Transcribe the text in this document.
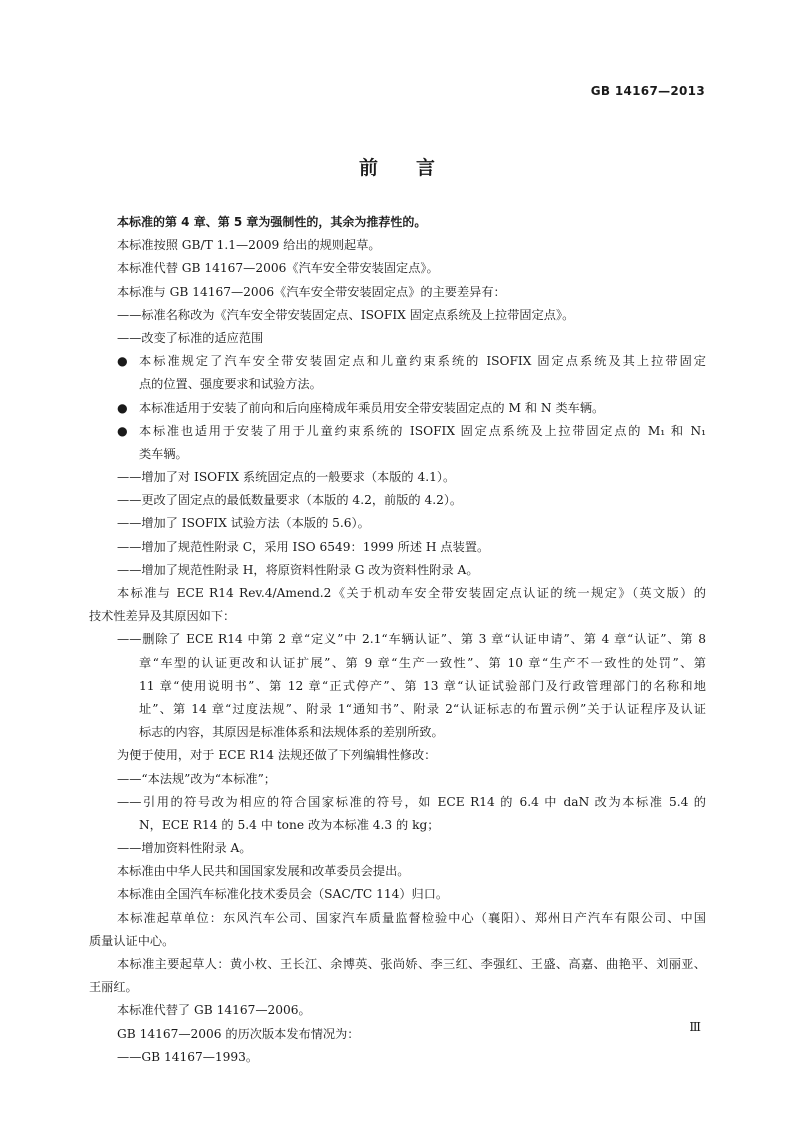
GB 14167—2013
前　　言
本标准的第 4 章、第 5 章为强制性的，其余为推荐性的。
本标准按照 GB/T 1.1—2009 给出的规则起草。
本标准代替 GB 14167—2006《汽车安全带安装固定点》。
本标准与 GB 14167—2006《汽车安全带安装固定点》的主要差异有：
——标准名称改为《汽车安全带安装固定点、ISOFIX 固定点系统及上拉带固定点》。
——改变了标准的适应范围
● 本标准规定了汽车安全带安装固定点和儿童约束系统的 ISOFIX 固定点系统及其上拉带固定
点的位置、强度要求和试验方法。
● 本标准适用于安装了前向和后向座椅成年乘员用安全带安装固定点的 M 和 N 类车辆。
● 本标准也适用于安装了用于儿童约束系统的 ISOFIX 固定点系统及上拉带固定点的 M₁ 和 N₁
类车辆。
——增加了对 ISOFIX 系统固定点的一般要求（本版的 4.1）。
——更改了固定点的最低数量要求（本版的 4.2，前版的 4.2）。
——增加了 ISOFIX 试验方法（本版的 5.6）。
——增加了规范性附录 C，采用 ISO 6549：1999 所述 H 点装置。
——增加了规范性附录 H，将原资料性附录 G 改为资料性附录 A。
本标准与 ECE R14 Rev.4/Amend.2《关于机动车安全带安装固定点认证的统一规定》（英文版）的
技术性差异及其原因如下：
——删除了 ECE R14 中第 2 章“定义”中 2.1“车辆认证”、第 3 章“认证申请”、第 4 章“认证”、第 8
章“车型的认证更改和认证扩展”、第 9 章“生产一致性”、第 10 章“生产不一致性的处罚”、第
11 章“使用说明书”、第 12 章“正式停产”、第 13 章“认证试验部门及行政管理部门的名称和地
址”、第 14 章“过度法规”、附录 1“通知书”、附录 2“认证标志的布置示例”关于认证程序及认证
标志的内容，其原因是标准体系和法规体系的差别所致。
为便于使用，对于 ECE R14 法规还做了下列编辑性修改：
——“本法规”改为“本标准”；
——引用的符号改为相应的符合国家标准的符号，如 ECE R14 的 6.4 中 daN 改为本标准 5.4 的
N，ECE R14 的 5.4 中 tone 改为本标准 4.3 的 kg；
——增加资料性附录 A。
本标准由中华人民共和国国家发展和改革委员会提出。
本标准由全国汽车标准化技术委员会（SAC/TC 114）归口。
本标准起草单位：东风汽车公司、国家汽车质量监督检验中心（襄阳）、郑州日产汽车有限公司、中国
质量认证中心。
本标准主要起草人：黄小枚、王长江、余博英、张尚娇、李三红、李强红、王盛、高嘉、曲艳平、刘丽亚、
王丽红。
本标准代替了 GB 14167—2006。
GB 14167—2006 的历次版本发布情况为：
——GB 14167—1993。
Ⅲ
